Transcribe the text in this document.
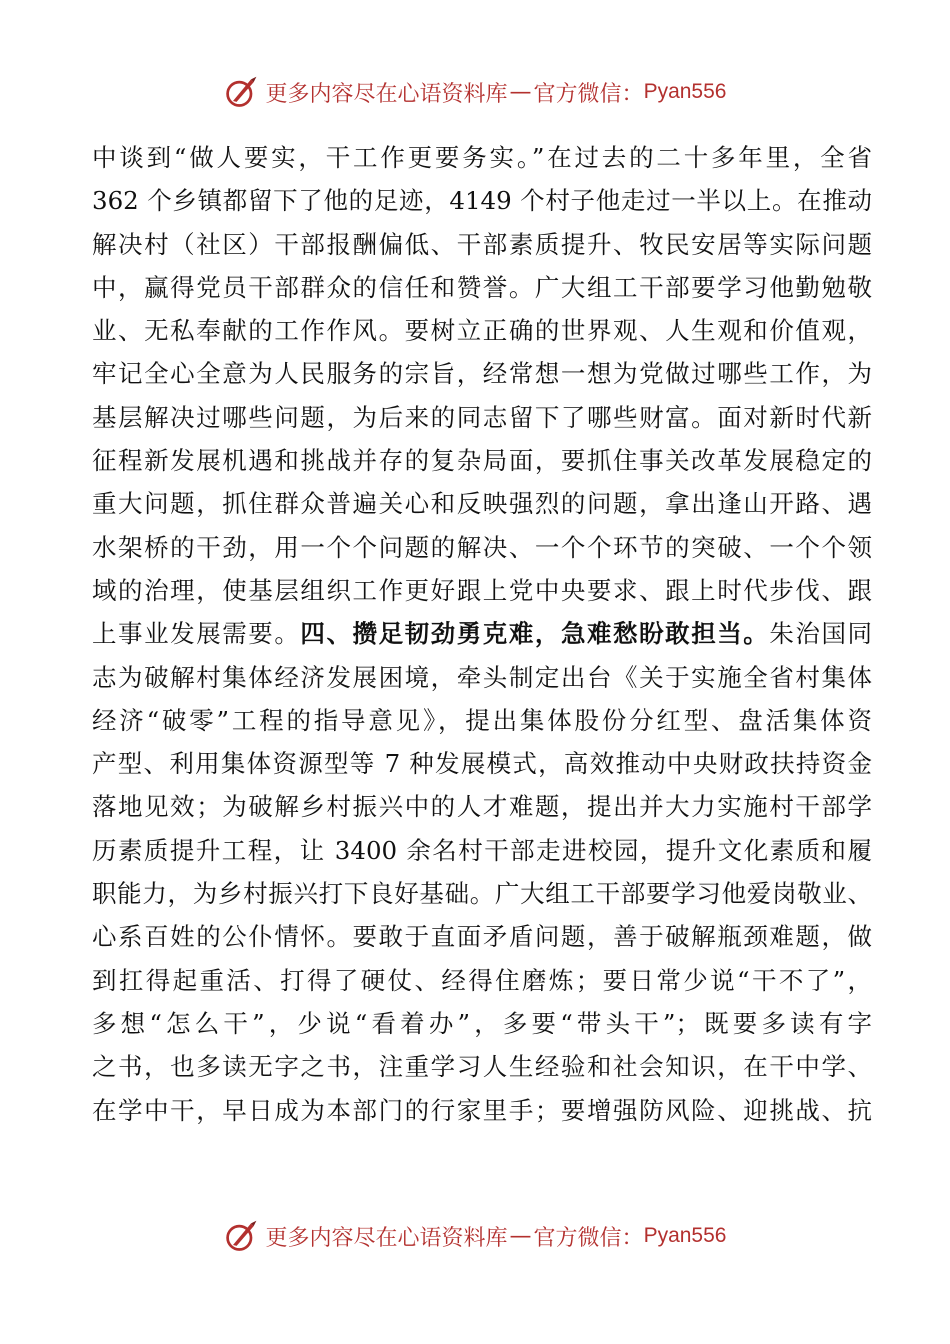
更多内容尽在心语资料库 — 官方微信： Pyan556
中谈到“做人要实，干工作更要务实。”在过去的二十多年里，全省
362 个乡镇都留下了他的足迹，4149 个村子他走过一半以上。在推动
解决村（社区）干部报酬偏低、干部素质提升、牧民安居等实际问题
中，赢得党员干部群众的信任和赞誉。广大组工干部要学习他勤勉敬
业、无私奉献的工作作风。要树立正确的世界观、人生观和价值观，
牢记全心全意为人民服务的宗旨，经常想一想为党做过哪些工作，为
基层解决过哪些问题，为后来的同志留下了哪些财富。面对新时代新
征程新发展机遇和挑战并存的复杂局面，要抓住事关改革发展稳定的
重大问题，抓住群众普遍关心和反映强烈的问题，拿出逢山开路、遇
水架桥的干劲，用一个个问题的解决、一个个环节的突破、一个个领
域的治理，使基层组织工作更好跟上党中央要求、跟上时代步伐、跟
上事业发展需要。四、攒足韧劲勇克难，急难愁盼敢担当。朱治国同
志为破解村集体经济发展困境，牵头制定出台《关于实施全省村集体
经济“破零”工程的指导意见》，提出集体股份分红型、盘活集体资
产型、利用集体资源型等 7 种发展模式，高效推动中央财政扶持资金
落地见效；为破解乡村振兴中的人才难题，提出并大力实施村干部学
历素质提升工程，让 3400 余名村干部走进校园，提升文化素质和履
职能力，为乡村振兴打下良好基础。广大组工干部要学习他爱岗敬业、
心系百姓的公仆情怀。要敢于直面矛盾问题，善于破解瓶颈难题，做
到扛得起重活、打得了硬仗、经得住磨炼；要日常少说“干不了”，
多想“怎么干”，少说“看着办”，多要“带头干”；既要多读有字
之书，也多读无字之书，注重学习人生经验和社会知识，在干中学、
在学中干，早日成为本部门的行家里手；要增强防风险、迎挑战、抗
更多内容尽在心语资料库 — 官方微信： Pyan556
